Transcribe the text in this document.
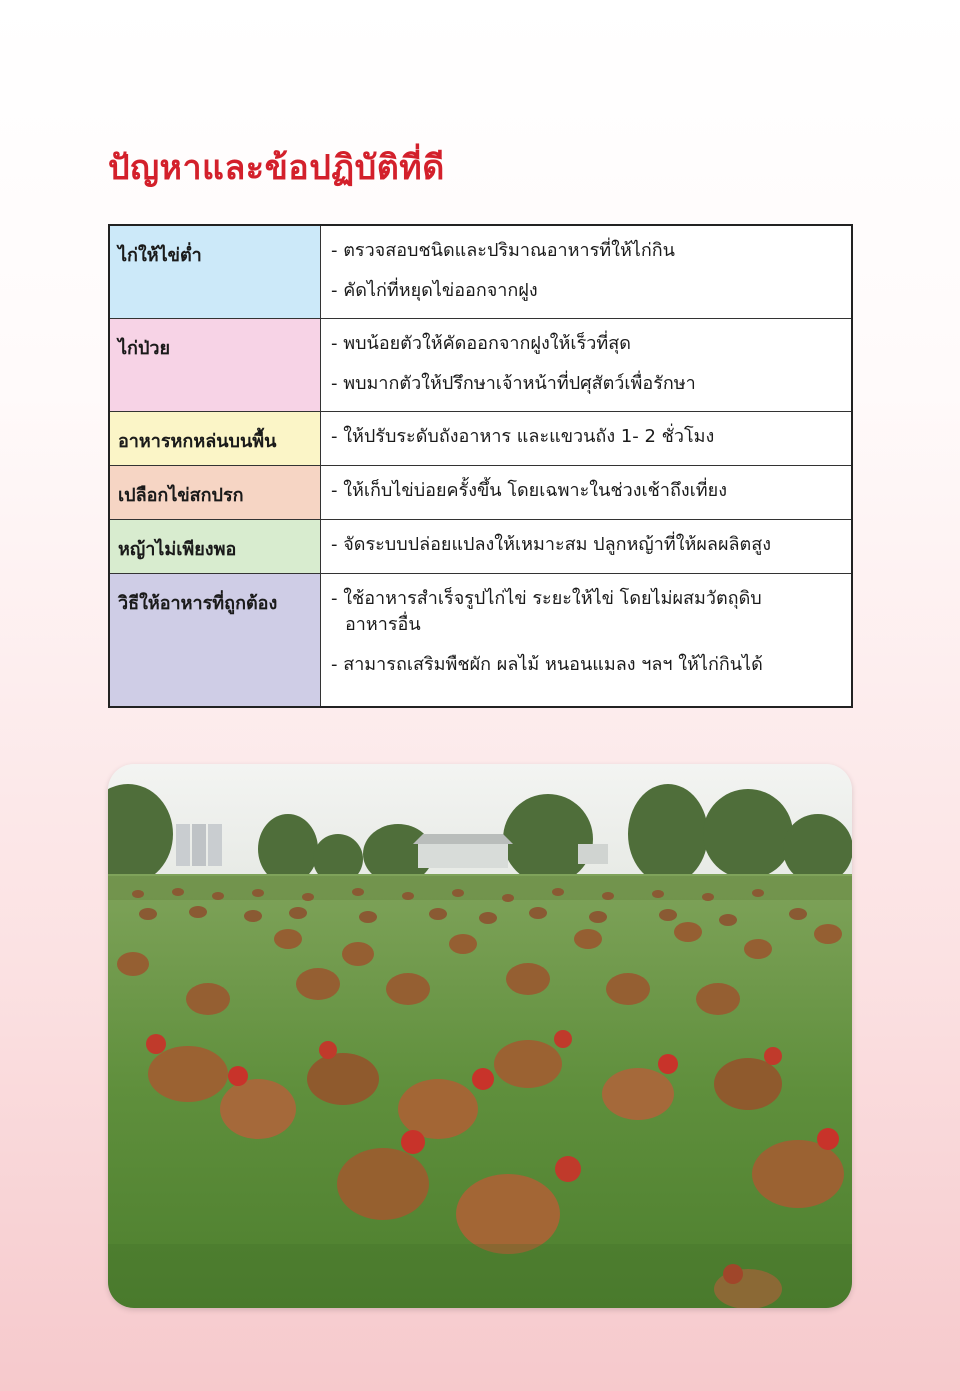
ปัญหาและข้อปฏิบัติที่ดี
ไก่ให้ไข่ต่ำ	- ตรวจสอบชนิดและปริมาณอาหารที่ให้ไก่กิน
- คัดไก่ที่หยุดไข่ออกจากฝูง

ไก่ป่วย	- พบน้อยตัวให้คัดออกจากฝูงให้เร็วที่สุด
- พบมากตัวให้ปรึกษาเจ้าหน้าที่ปศุสัตว์เพื่อรักษา

อาหารหกหล่นบนพื้น	- ให้ปรับระดับถังอาหาร และแขวนถัง 1- 2 ชั่วโมง

เปลือกไข่สกปรก	- ให้เก็บไข่บ่อยครั้งขึ้น โดยเฉพาะในช่วงเช้าถึงเที่ยง

หญ้าไม่เพียงพอ	- จัดระบบปล่อยแปลงให้เหมาะสม ปลูกหญ้าที่ให้ผลผลิตสูง

วิธีให้อาหารที่ถูกต้อง	- ใช้อาหารสำเร็จรูปไก่ไข่ ระยะให้ไข่ โดยไม่ผสมวัตถุดิบ
อาหารอื่น
- สามารถเสริมพืชผัก ผลไม้ หนอนแมลง ฯลฯ ให้ไก่กินได้
